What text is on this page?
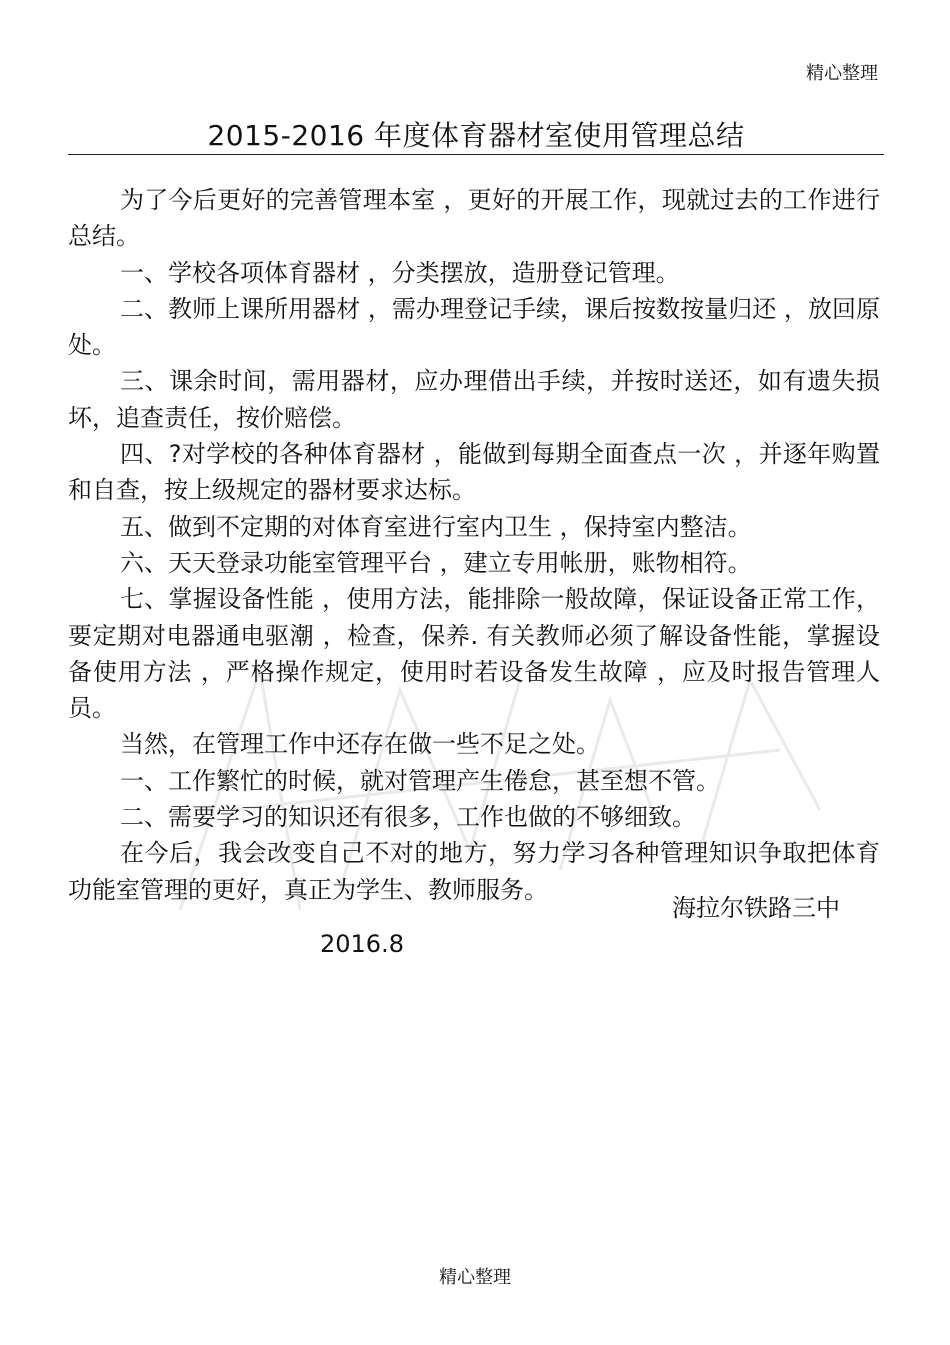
精心整理
2015-2016 年度体育器材室使用管理总结

为了今后更好的完善管理本室 ，更好的开展工作，现就过去的工作进行总结。

一、学校各项体育器材 ，分类摆放，造册登记管理。

二、教师上课所用器材 ，需办理登记手续，课后按数按量归还 ，放回原处。

三、课余时间，需用器材，应办理借出手续，并按时送还，如有遗失损坏，追查责任，按价赔偿。

四、?对学校的各种体育器材 ，能做到每期全面查点一次 ，并逐年购置和自查，按上级规定的器材要求达标。

五、做到不定期的对体育室进行室内卫生 ，保持室内整洁。

六、天天登录功能室管理平台 ，建立专用帐册，账物相符。

七、掌握设备性能 ，使用方法，能排除一般故障，保证设备正常工作，要定期对电器通电驱潮 ，检查，保养. 有关教师必须了解设备性能，掌握设备使用方法 ，严格操作规定，使用时若设备发生故障 ，应及时报告管理人员。

当然，在管理工作中还存在做一些不足之处。

一、工作繁忙的时候，就对管理产生倦怠，甚至想不管。

二、需要学习的知识还有很多，工作也做的不够细致。

在今后，我会改变自己不对的地方，努力学习各种管理知识争取把体育功能室管理的更好，真正为学生、教师服务。

海拉尔铁路三中
2016.8
精心整理
